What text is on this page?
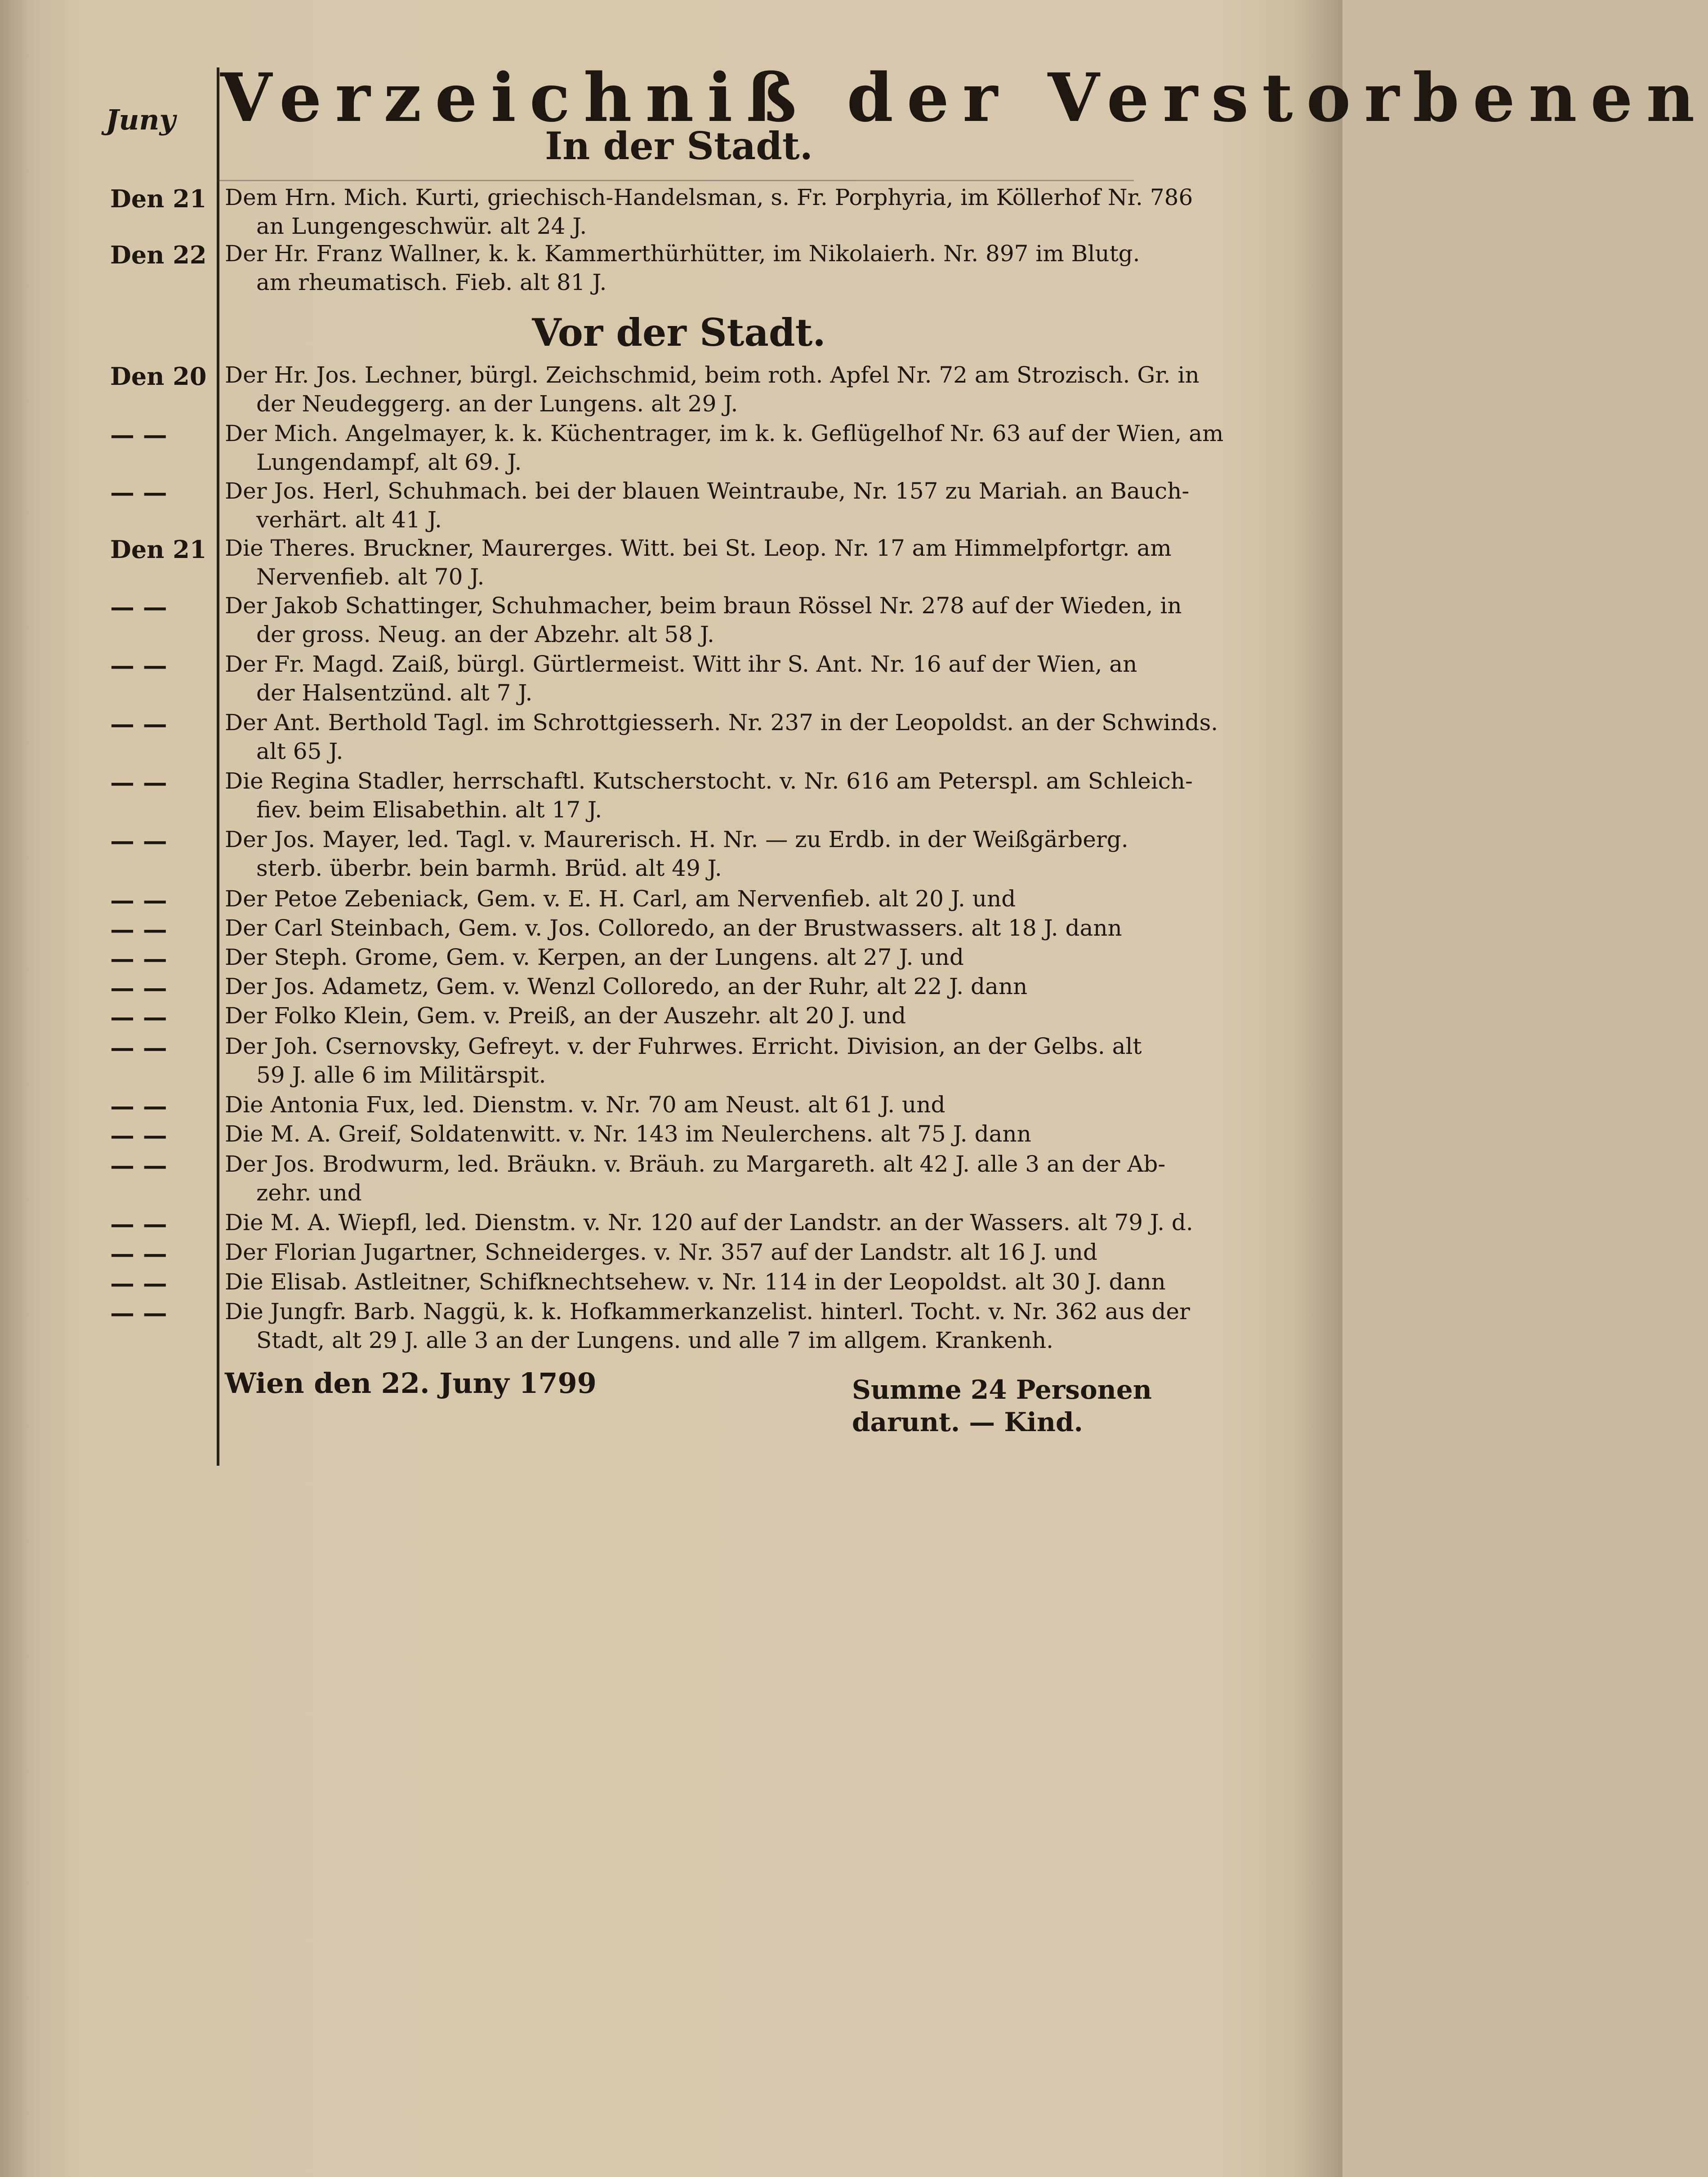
Juny Verzeichniß der Verstorbenen
In der Stadt.
Vor der Stadt.
Den 21 Dem Hrn. Mich. Kurti, griechisch-Handelsman, s. Fr. Porphyria, im Köllerhof Nr. 786
an Lungengeschwür. alt 24 J.
Den 22 Der Hr. Franz Wallner, k. k. Kammerthürhütter, im Nikolaierh. Nr. 897 im Blutg.
am rheumatisch. Fieb. alt 81 J.
Den 20 Der Hr. Jos. Lechner, bürgl. Zeichschmid, beim roth. Apfel Nr. 72 am Strozisch. Gr. in
der Neudeggerg. an der Lungens. alt 29 J.
— —	Der Mich. Angelmayer, k. k. Küchentrager, im k. k. Geflügelhof Nr. 63 auf der Wien, am
Lungendampf, alt 69. J.
— —	Der Jos. Herl, Schuhmach. bei der blauen Weintraube, Nr. 157 zu Mariah. an Bauch-
verhärt. alt 41 J.
Den 21 Die Theres. Bruckner, Maurerges. Witt. bei St. Leop. Nr. 17 am Himmelpfortgr. am
Nervenfieb. alt 70 J.
— —	Der Jakob Schattinger, Schuhmacher, beim braun Rössel Nr. 278 auf der Wieden, in
der gross. Neug. an der Abzehr. alt 58 J.
— —	Der Fr. Magd. Zaiß, bürgl. Gürtlermeist. Witt ihr S. Ant. Nr. 16 auf der Wien, an
der Halsentzünd. alt 7 J.
— —	Der Ant. Berthold Tagl. im Schrottgiesserh. Nr. 237 in der Leopoldst. an der Schwinds.
alt 65 J.
— —	Die Regina Stadler, herrschaftl. Kutscherstocht. v. Nr. 616 am Peterspl. am Schleich-
fiev. beim Elisabethin. alt 17 J.
— —	Der Jos. Mayer, led. Tagl. v. Maurerisch. H. Nr. — zu Erdb. in der Weißgärberg.
sterb. überbr. bein barmh. Brüd. alt 49 J.
— —	Der Petoe Zebeniack, Gem. v. E. H. Carl, am Nervenfieb. alt 20 J. und
— —	Der Carl Steinbach, Gem. v. Jos. Colloredo, an der Brustwassers. alt 18 J. dann
— —	Der Steph. Grome, Gem. v. Kerpen, an der Lungens. alt 27 J. und
— —	Der Jos. Adametz, Gem. v. Wenzl Colloredo, an der Ruhr, alt 22 J. dann
— —	Der Folko Klein, Gem. v. Preiß, an der Auszehr. alt 20 J. und
— —	Der Joh. Csernovsky, Gefreyt. v. der Fuhrwes. Erricht. Division, an der Gelbs. alt
59 J. alle 6 im Militärspit.
— —	Die Antonia Fux, led. Dienstm. v. Nr. 70 am Neust. alt 61 J. und
— —	Die M. A. Greif, Soldatenwitt. v. Nr. 143 im Neulerchens. alt 75 J. dann
— —	Der Jos. Brodwurm, led. Bräukn. v. Bräuh. zu Margareth. alt 42 J. alle 3 an der Ab-
zehr. und
— —	Die M. A. Wiepfl, led. Dienstm. v. Nr. 120 auf der Landstr. an der Wassers. alt 79 J. d.
— —	Der Florian Jugartner, Schneiderges. v. Nr. 357 auf der Landstr. alt 16 J. und
— —	Die Elisab. Astleitner, Schifknechtsehew. v. Nr. 114 in der Leopoldst. alt 30 J. dann
— —	Die Jungfr. Barb. Naggü, k. k. Hofkammerkanzelist. hinterl. Tocht. v. Nr. 362 aus der
Stadt, alt 29 J. alle 3 an der Lungens. und alle 7 im allgem. Krankenh.
Wien den 22. Juny 1799	Summe 24 Personen
darunt. — Kind.
